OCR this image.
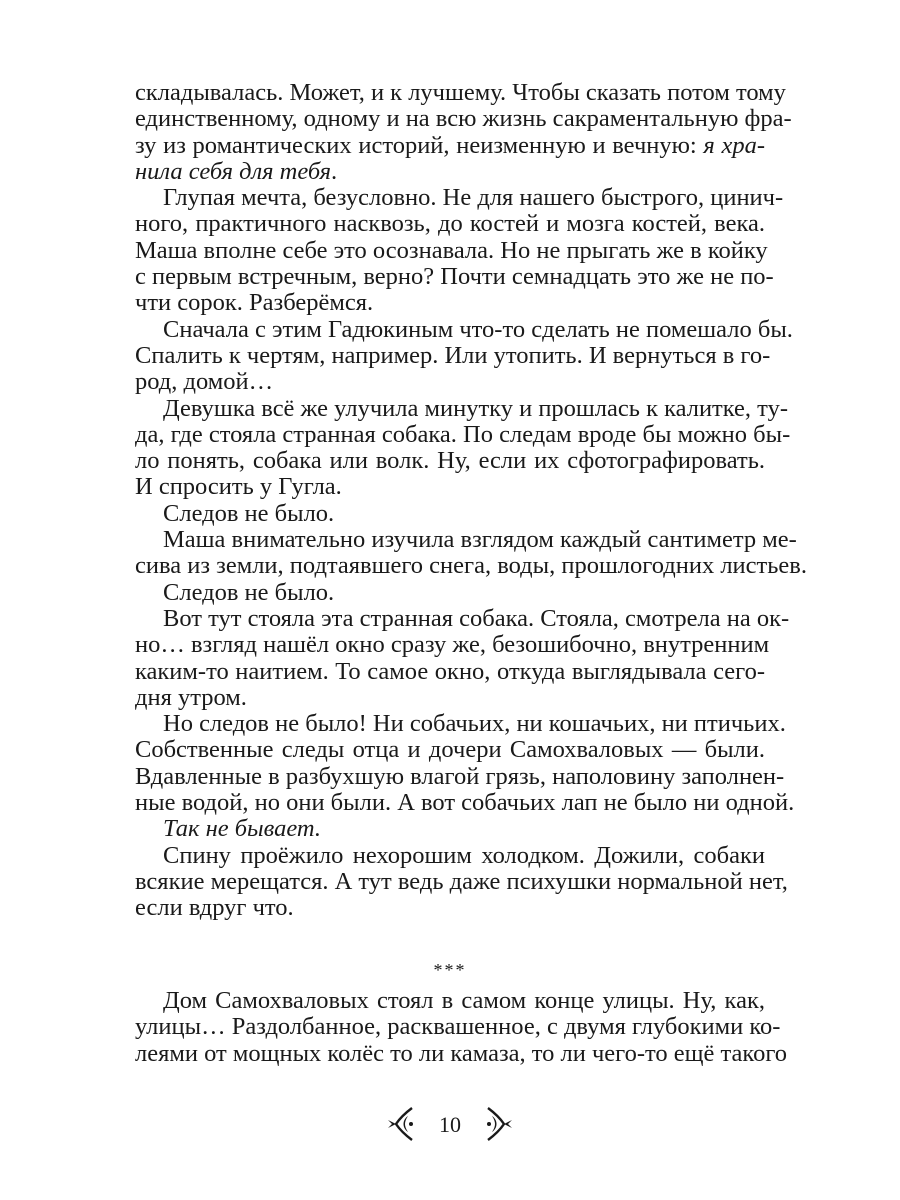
складывалась. Может, и к лучшему. Чтобы сказать потом тому
единственному, одному и на всю жизнь сакраментальную фра-
зу из романтических историй, неизменную и вечную: я хра-
нила себя для тебя.
Глупая мечта, безусловно. Не для нашего быстрого, цинич-
ного, практичного насквозь, до костей и мозга костей, века.
Маша вполне себе это осознавала. Но не прыгать же в койку
с первым встречным, верно? Почти семнадцать это же не по-
чти сорок. Разберёмся.
Сначала с этим Гадюкиным что-то сделать не помешало бы.
Спалить к чертям, например. Или утопить. И вернуться в го-
род, домой…
Девушка всё же улучила минутку и прошлась к калитке, ту-
да, где стояла странная собака. По следам вроде бы можно бы-
ло понять, собака или волк. Ну, если их сфотографировать.
И спросить у Гугла.
Следов не было.
Маша внимательно изучила взглядом каждый сантиметр ме-
сива из земли, подтаявшего снега, воды, прошлогодних листьев.
Следов не было.
Вот тут стояла эта странная собака. Стояла, смотрела на ок-
но… взгляд нашёл окно сразу же, безошибочно, внутренним
каким-то наитием. То самое окно, откуда выглядывала сего-
дня утром.
Но следов не было! Ни собачьих, ни кошачьих, ни птичьих.
Собственные следы отца и дочери Самохваловых — были.
Вдавленные в разбухшую влагой грязь, наполовину заполнен-
ные водой, но они были. А вот собачьих лап не было ни одной.
Так не бывает.
Спину проёжило нехорошим холодком. Дожили, собаки
всякие мерещатся. А тут ведь даже психушки нормальной нет,
если вдруг что.
***
Дом Самохваловых стоял в самом конце улицы. Ну, как,
улицы… Раздолбанное, расквашенное, с двумя глубокими ко-
леями от мощных колёс то ли камаза, то ли чего-то ещё такого
10
